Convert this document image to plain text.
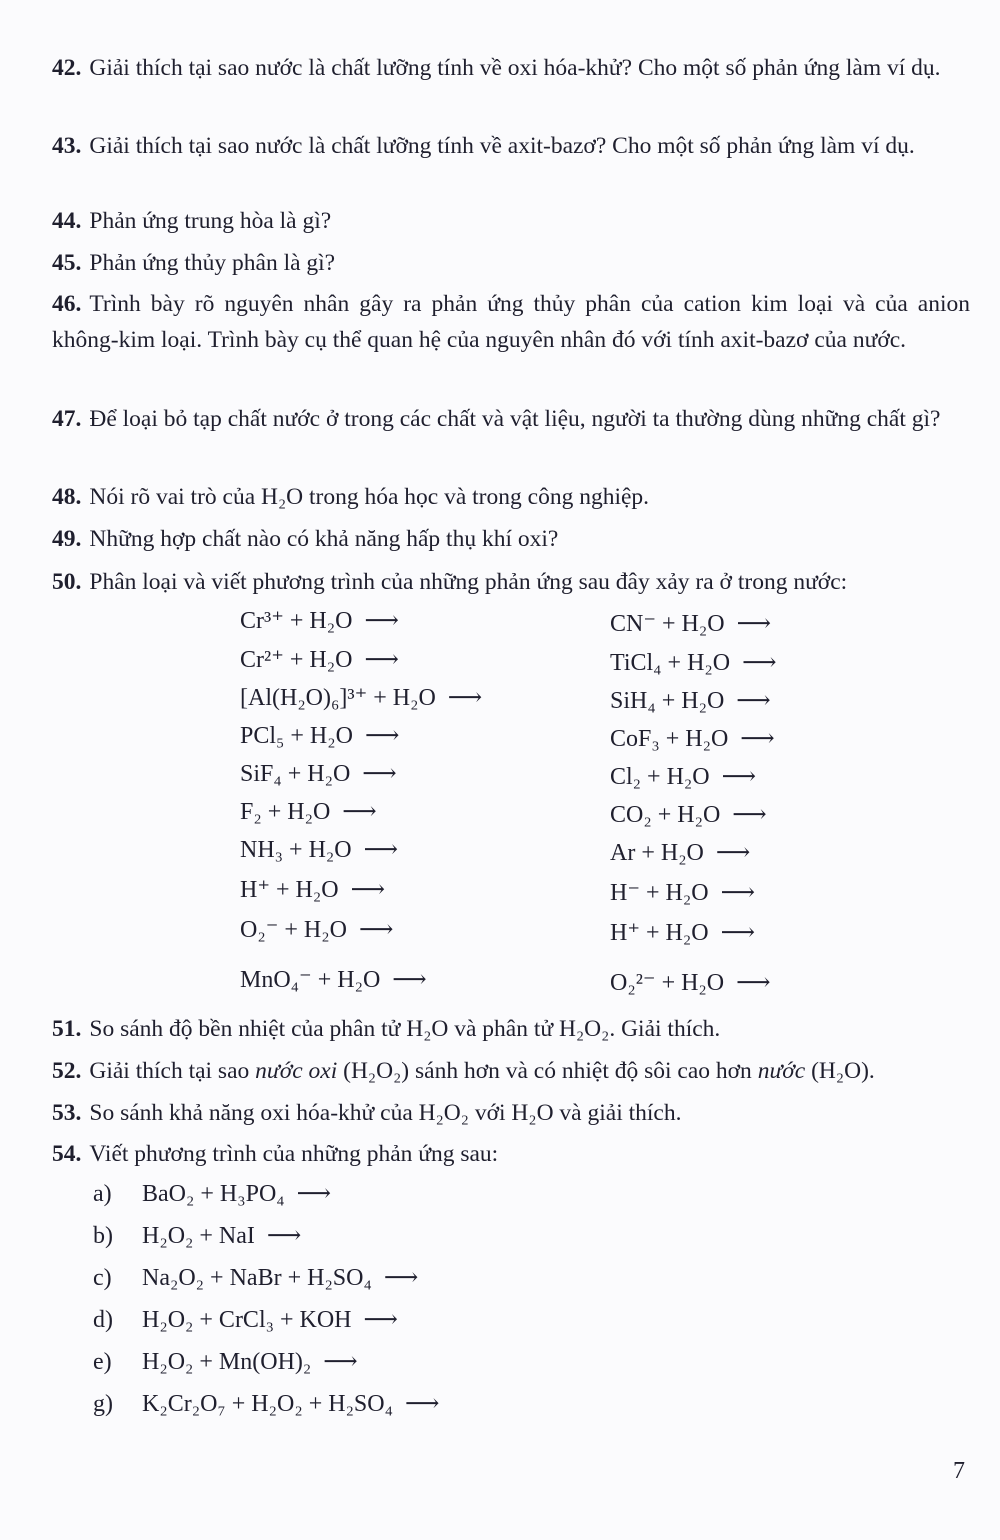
42. Giải thích tại sao nước là chất lưỡng tính về oxi hóa-khử? Cho một số phản ứng làm ví dụ.
43. Giải thích tại sao nước là chất lưỡng tính về axit-bazơ? Cho một số phản ứng làm ví dụ.
44. Phản ứng trung hòa là gì?
45. Phản ứng thủy phân là gì?
46. Trình bày rõ nguyên nhân gây ra phản ứng thủy phân của cation kim loại và của anion không-kim loại. Trình bày cụ thể quan hệ của nguyên nhân đó với tính axit-bazơ của nước.
47. Để loại bỏ tạp chất nước ở trong các chất và vật liệu, người ta thường dùng những chất gì?
48. Nói rõ vai trò của H₂O trong hóa học và trong công nghiệp.
49. Những hợp chất nào có khả năng hấp thụ khí oxi?
50. Phân loại và viết phương trình của những phản ứng sau đây xảy ra ở trong nước:
Cr³⁺ + H₂O ⟶
Cr²⁺ + H₂O ⟶
[Al(H₂O)₆]³⁺ + H₂O ⟶
PCl₅ + H₂O ⟶
SiF₄ + H₂O ⟶
F₂ + H₂O ⟶
NH₃ + H₂O ⟶
H⁺ + H₂O ⟶
O₂⁻ + H₂O ⟶
MnO₄⁻ + H₂O ⟶
CN⁻ + H₂O ⟶
TiCl₄ + H₂O ⟶
SiH₄ + H₂O ⟶
CoF₃ + H₂O ⟶
Cl₂ + H₂O ⟶
CO₂ + H₂O ⟶
Ar + H₂O ⟶
H⁻ + H₂O ⟶
H⁺ + H₂O ⟶
O₂²⁻ + H₂O ⟶
51. So sánh độ bền nhiệt của phân tử H₂O và phân tử H₂O₂. Giải thích.
52. Giải thích tại sao nước oxi (H₂O₂) sánh hơn và có nhiệt độ sôi cao hơn nước (H₂O).
53. So sánh khả năng oxi hóa-khử của H₂O₂ với H₂O và giải thích.
54. Viết phương trình của những phản ứng sau:
a) BaO₂ + H₃PO₄ ⟶
b) H₂O₂ + NaI ⟶
c) Na₂O₂ + NaBr + H₂SO₄ ⟶
d) H₂O₂ + CrCl₃ + KOH ⟶
e) H₂O₂ + Mn(OH)₂ ⟶
g) K₂Cr₂O₇ + H₂O₂ + H₂SO₄ ⟶
7
